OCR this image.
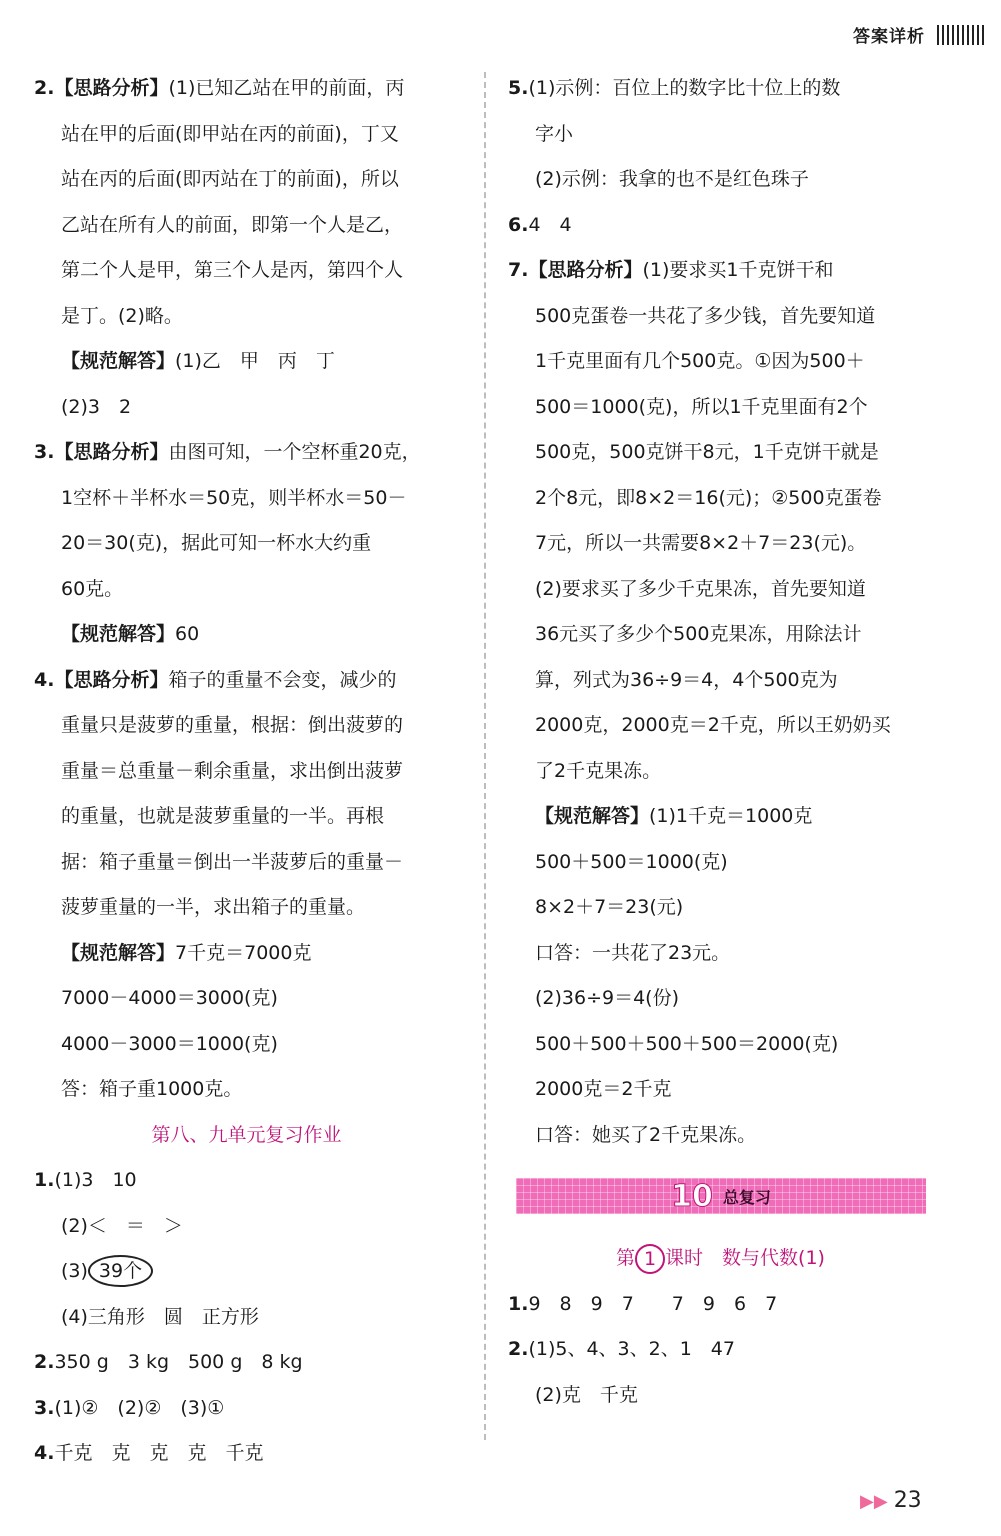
答案详析
2.【思路分析】(1)已知乙站在甲的前面，丙
站在甲的后面(即甲站在丙的前面)，丁又
站在丙的后面(即丙站在丁的前面)，所以
乙站在所有人的前面，即第一个人是乙，
第二个人是甲，第三个人是丙，第四个人
是丁。(2)略。
【规范解答】(1)乙　甲　丙　丁
(2)3　2
3.【思路分析】由图可知，一个空杯重20克，
1空杯＋半杯水＝50克，则半杯水＝50－
20＝30(克)，据此可知一杯水大约重
60克。
【规范解答】60
4.【思路分析】箱子的重量不会变，减少的
重量只是菠萝的重量，根据：倒出菠萝的
重量＝总重量－剩余重量，求出倒出菠萝
的重量，也就是菠萝重量的一半。再根
据：箱子重量＝倒出一半菠萝后的重量－
菠萝重量的一半，求出箱子的重量。
【规范解答】7千克＝7000克
7000－4000＝3000(克)
4000－3000＝1000(克)
答：箱子重1000克。
第八、九单元复习作业
1.(1)3　10
(2)＜　＝　＞
(3) 39个
(4)三角形　圆　正方形
2.350 g　3 kg　500 g　8 kg
3.(1)②　(2)②　(3)①
4.千克　克　克　克　千克
5.(1)示例：百位上的数字比十位上的数
字小
(2)示例：我拿的也不是红色珠子
6.4　4
7.【思路分析】(1)要求买1千克饼干和
500克蛋卷一共花了多少钱，首先要知道
1千克里面有几个500克。①因为500＋
500＝1000(克)，所以1千克里面有2个
500克，500克饼干8元，1千克饼干就是
2个8元，即8×2＝16(元)；②500克蛋卷
7元，所以一共需要8×2＋7＝23(元)。
(2)要求买了多少千克果冻，首先要知道
36元买了多少个500克果冻，用除法计
算，列式为36÷9＝4，4个500克为
2000克，2000克＝2千克，所以王奶奶买
了2千克果冻。
【规范解答】(1)1千克＝1000克
500＋500＝1000(克)
8×2＋7＝23(元)
口答：一共花了23元。
(2)36÷9＝4(份)
500＋500＋500＋500＝2000(克)
2000克＝2千克
口答：她买了2千克果冻。
10 总复习
第 1 课时　数与代数(1)
1.9　8　9　7　　7　9　6　7
2.(1)5、4、3、2、1　47
(2)克　千克
▶▶ 23
